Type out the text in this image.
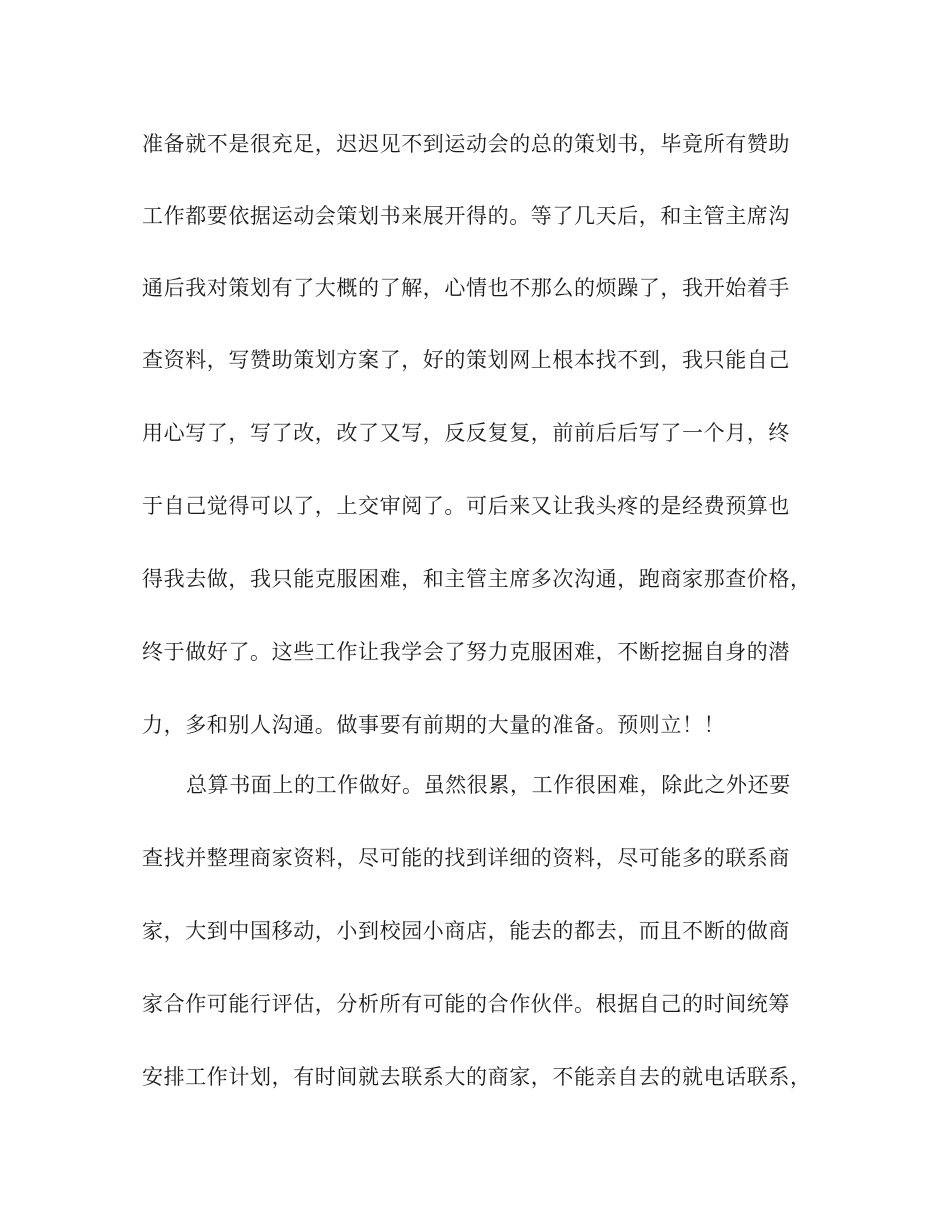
准备就不是很充足，迟迟见不到运动会的总的策划书，毕竟所有赞助
工作都要依据运动会策划书来展开得的。等了几天后，和主管主席沟
通后我对策划有了大概的了解，心情也不那么的烦躁了，我开始着手
查资料，写赞助策划方案了，好的策划网上根本找不到，我只能自己
用心写了，写了改，改了又写，反反复复，前前后后写了一个月，终
于自己觉得可以了，上交审阅了。可后来又让我头疼的是经费预算也
得我去做，我只能克服困难，和主管主席多次沟通，跑商家那查价格，
终于做好了。这些工作让我学会了努力克服困难，不断挖掘自身的潜
力，多和别人沟通。做事要有前期的大量的准备。预则立！！
总算书面上的工作做好。虽然很累，工作很困难，除此之外还要
查找并整理商家资料，尽可能的找到详细的资料，尽可能多的联系商
家，大到中国移动，小到校园小商店，能去的都去，而且不断的做商
家合作可能行评估，分析所有可能的合作伙伴。根据自己的时间统筹
安排工作计划，有时间就去联系大的商家，不能亲自去的就电话联系，
